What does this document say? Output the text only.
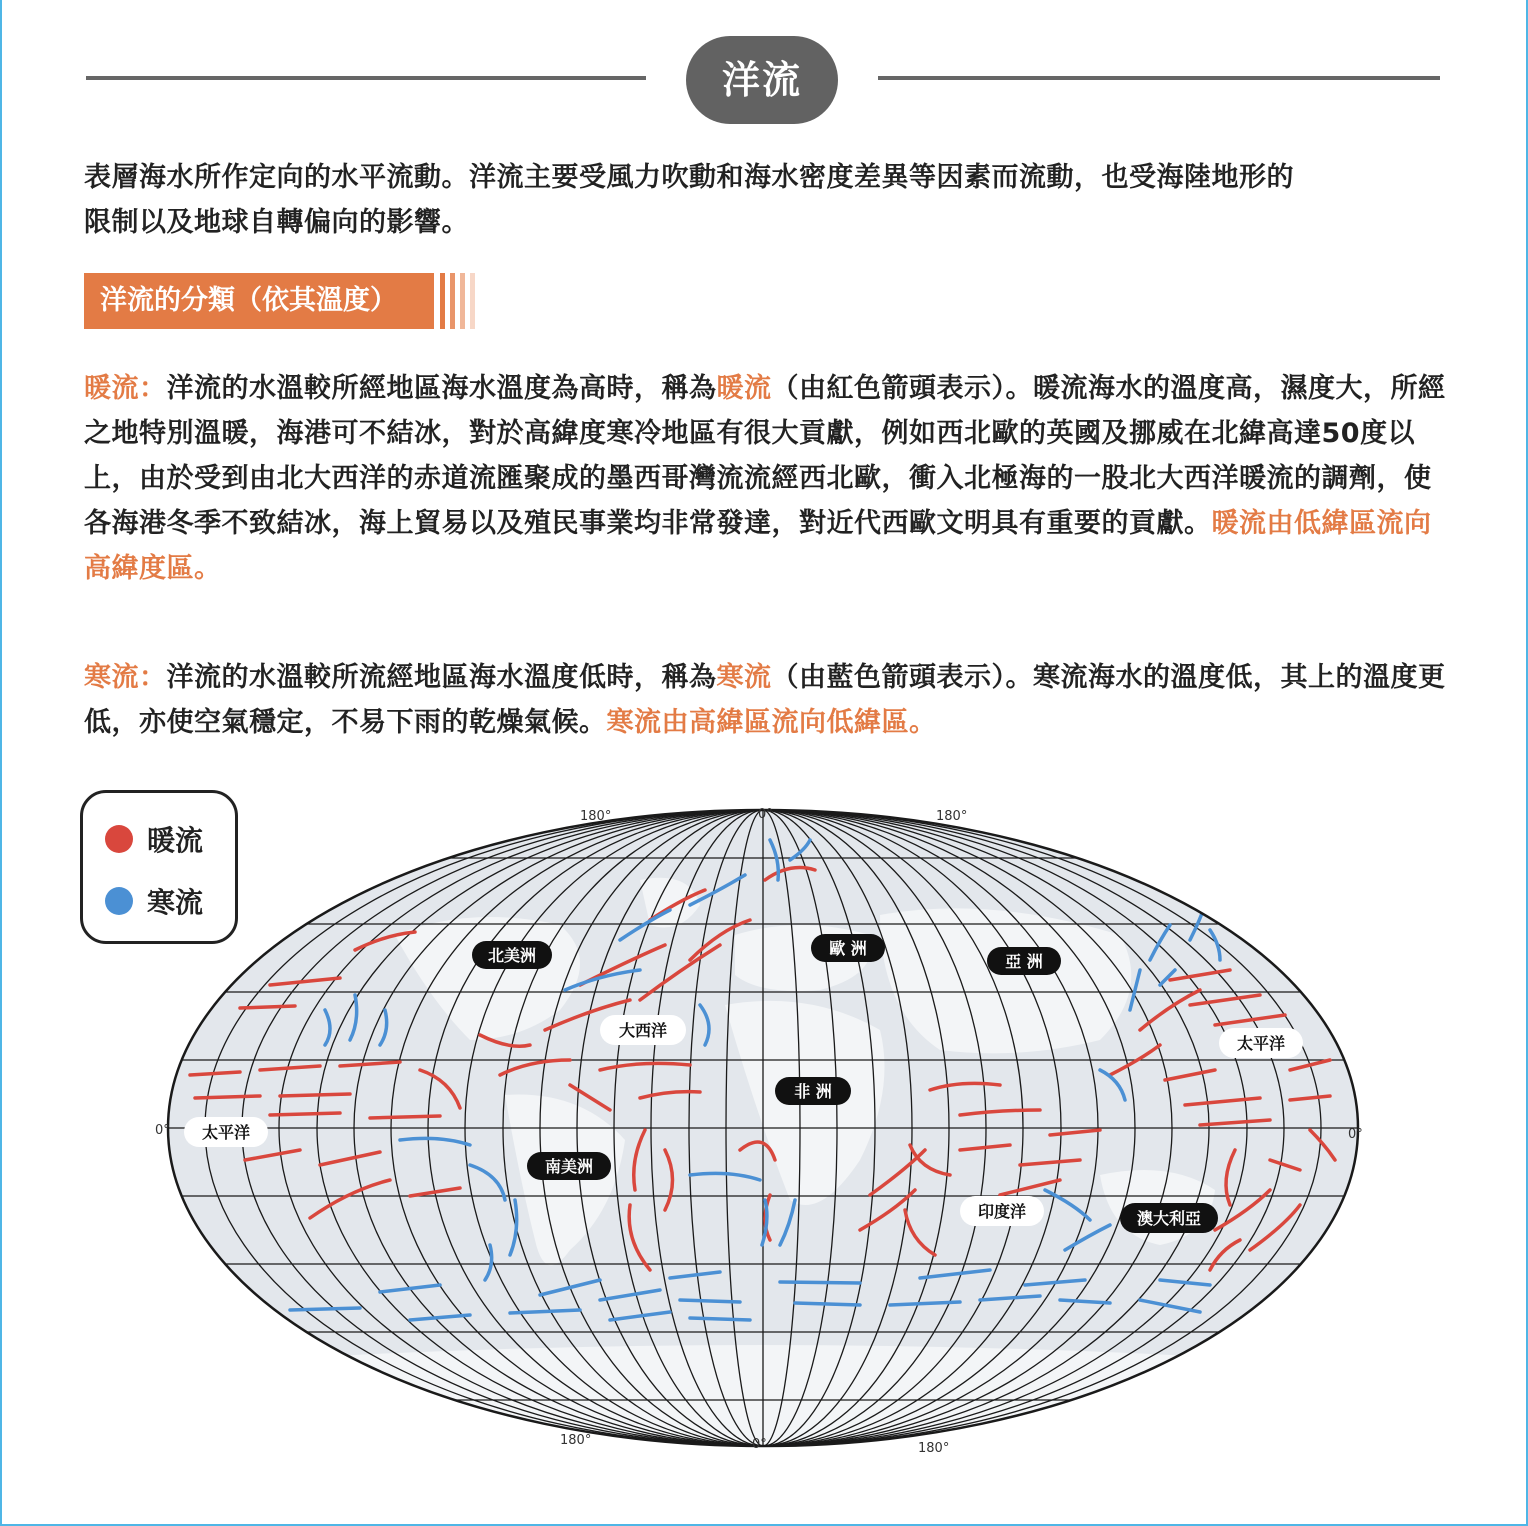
洋流

表層海水所作定向的水平流動。洋流主要受風力吹動和海水密度差異等因素而流動，也受海陸地形的
限制以及地球自轉偏向的影響。

洋流的分類（依其溫度）

暖流：洋流的水溫較所經地區海水溫度為高時，稱為暖流（由紅色箭頭表示）。暖流海水的溫度高，濕度大，所經之地特別溫暖，海港可不結冰，對於高緯度寒冷地區有很大貢獻，例如西北歐的英國及挪威在北緯高達50度以上，由於受到由北大西洋的赤道流匯聚成的墨西哥灣流流經西北歐，衝入北極海的一股北大西洋暖流的調劑，使各海港冬季不致結冰，海上貿易以及殖民事業均非常發達，對近代西歐文明具有重要的貢獻。暖流由低緯區流向高緯度區。

寒流：洋流的水溫較所流經地區海水溫度低時，稱為寒流（由藍色箭頭表示）。寒流海水的溫度低，其上的溫度更低，亦使空氣穩定，不易下雨的乾燥氣候。寒流由高緯區流向低緯區。

暖流
寒流
180°	0°	180°
0°	0°
180°	0°	180°
北美洲	歐 洲
亞 洲
大西洋
太平洋
非 洲
太平洋
南美洲
印度洋	澳大利亞
